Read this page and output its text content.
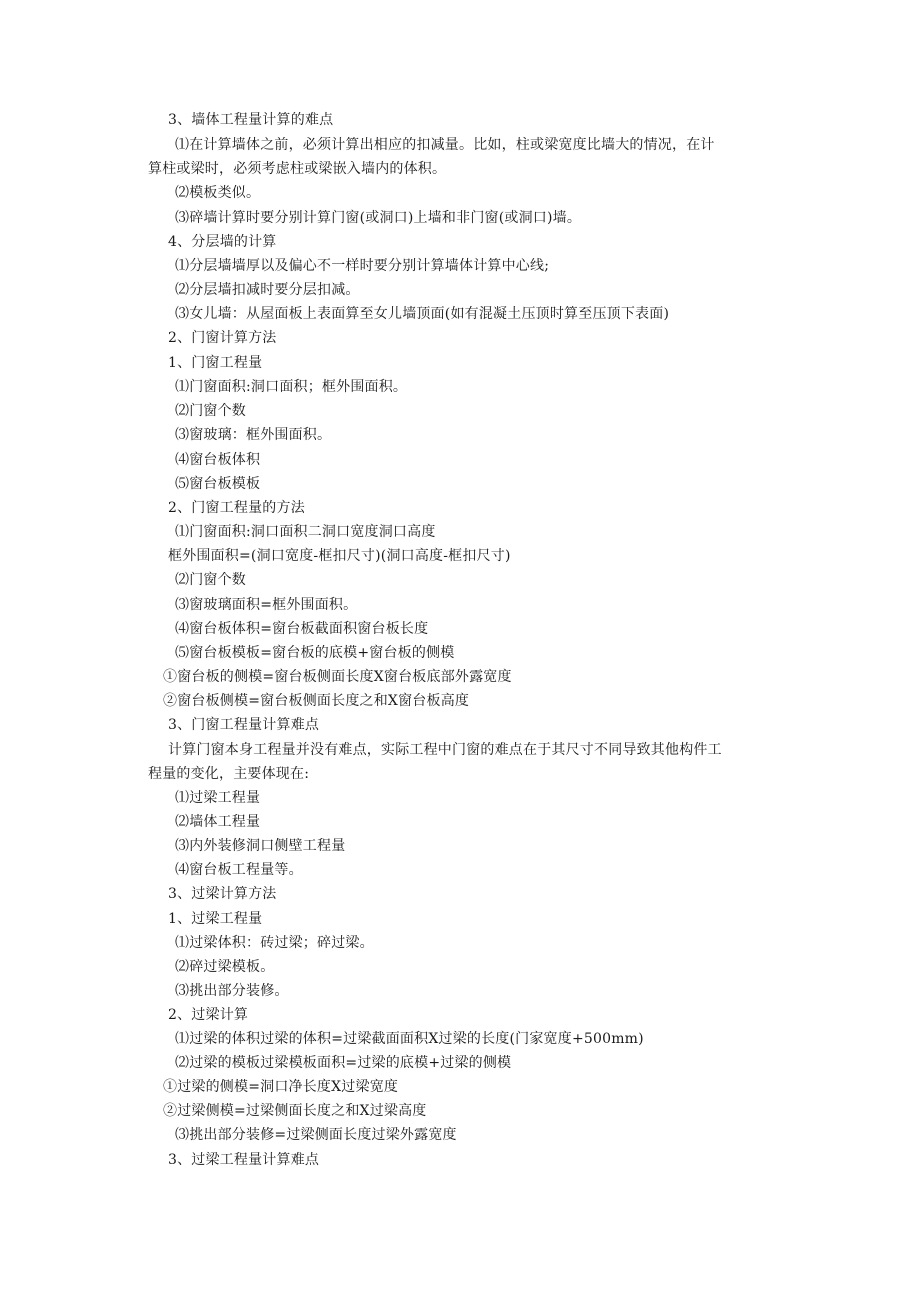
3、墙体工程量计算的难点
⑴在计算墙体之前，必须计算出相应的扣减量。比如，柱或梁宽度比墙大的情况，在计
算柱或梁时，必须考虑柱或梁嵌入墙内的体积。
⑵模板类似。
⑶碎墙计算时要分别计算门窗(或洞口)上墙和非门窗(或洞口)墙。
4、分层墙的计算
⑴分层墙墙厚以及偏心不一样时要分别计算墙体计算中心线;
⑵分层墙扣减时要分层扣减。
⑶女儿墙：从屋面板上表面算至女儿墙顶面(如有混凝土压顶时算至压顶下表面)
2、门窗计算方法
1、门窗工程量
⑴门窗面积:洞口面积；框外围面积。
⑵门窗个数
⑶窗玻璃：框外围面积。
⑷窗台板体积
⑸窗台板模板
2、门窗工程量的方法
⑴门窗面积:洞口面积二洞口宽度洞口高度
框外围面积=(洞口宽度-框扣尺寸)(洞口高度-框扣尺寸)
⑵门窗个数
⑶窗玻璃面积=框外围面积。
⑷窗台板体积=窗台板截面积窗台板长度
⑸窗台板模板=窗台板的底模+窗台板的侧模
①窗台板的侧模=窗台板侧面长度X窗台板底部外露宽度
②窗台板侧模=窗台板侧面长度之和X窗台板高度
3、门窗工程量计算难点
计算门窗本身工程量并没有难点，实际工程中门窗的难点在于其尺寸不同导致其他构件工
程量的变化，主要体现在:
⑴过梁工程量
⑵墙体工程量
⑶内外装修洞口侧壁工程量
⑷窗台板工程量等。
3、过梁计算方法
1、过梁工程量
⑴过梁体积：砖过梁；碎过梁。
⑵碎过梁模板。
⑶挑出部分装修。
2、过梁计算
⑴过梁的体积过梁的体积=过梁截面面积X过梁的长度(门家宽度+500mm)
⑵过梁的模板过梁模板面积=过梁的底模+过梁的侧模
①过梁的侧模=洞口净长度X过梁宽度
②过梁侧模=过梁侧面长度之和X过梁高度
⑶挑出部分装修=过梁侧面长度过梁外露宽度
3、过梁工程量计算难点
